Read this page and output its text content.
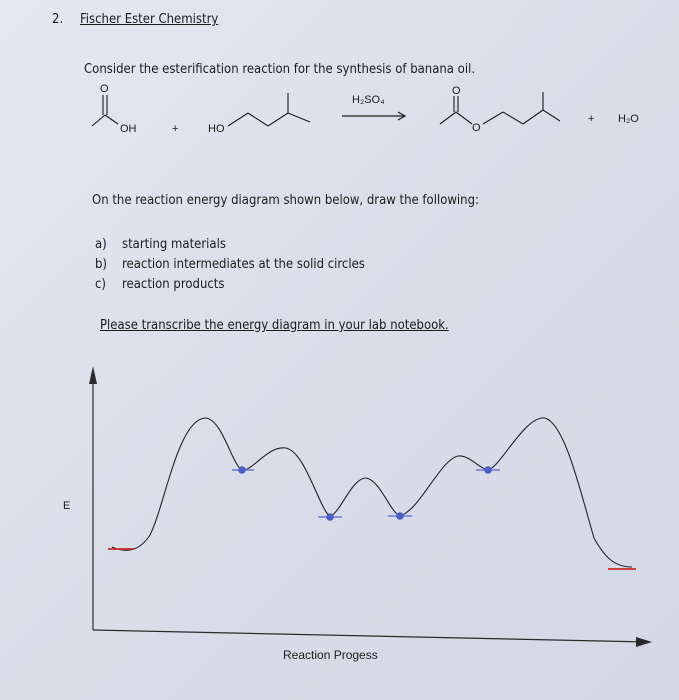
2. Fischer Ester Chemistry
Consider the esterification reaction for the synthesis of banana oil.
O
OH	+	HO
H₂SO₄
O
O
+ H₂O
On the reaction energy diagram shown below, draw the following:
a) starting materials
b) reaction intermediates at the solid circles
c) reaction products
Please transcribe the energy diagram in your lab notebook.
E
Reaction Progess
